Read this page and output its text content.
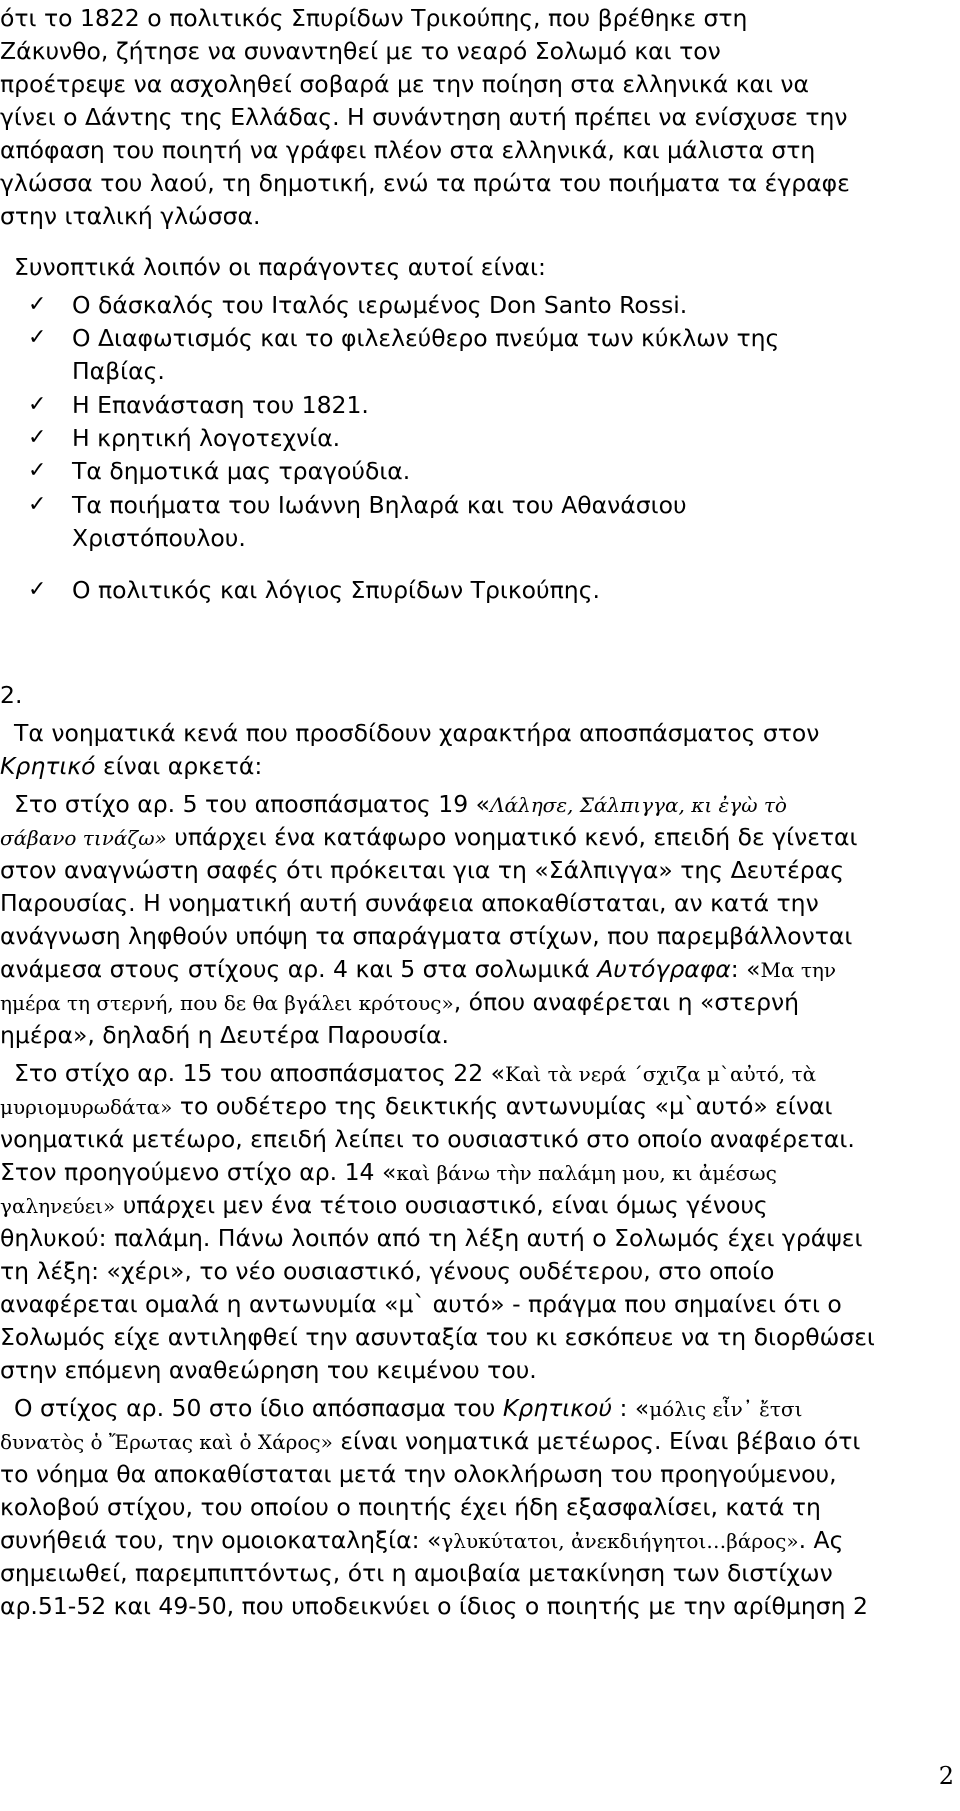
ότι το 1822 ο πολιτικός Σπυρίδων Τρικούπης, που βρέθηκε στη
Ζάκυνθο, ζήτησε να συναντηθεί με το νεαρό Σολωμό και τον
προέτρεψε να ασχοληθεί σοβαρά με την ποίηση στα ελληνικά και να
γίνει ο Δάντης της Ελλάδας. Η συνάντηση αυτή πρέπει να ενίσχυσε την
απόφαση του ποιητή να γράφει πλέον στα ελληνικά, και μάλιστα στη
γλώσσα του λαού, τη δημοτική, ενώ τα πρώτα του ποιήματα τα έγραφε
στην ιταλική γλώσσα.
Συνοπτικά λοιπόν οι παράγοντες αυτοί είναι:
✓ Ο δάσκαλός του Ιταλός ιερωμένος Don Santo Rossi.
✓ Ο Διαφωτισμός και το φιλελεύθερο πνεύμα των κύκλων της
Παβίας.
✓ Η Επανάσταση του 1821.
✓ Η κρητική λογοτεχνία.
✓ Τα δημοτικά μας τραγούδια.
✓ Τα ποιήματα του Ιωάννη Βηλαρά και του Αθανάσιου
Χριστόπουλου.
✓ Ο πολιτικός και λόγιος Σπυρίδων Τρικούπης.
2.
Τα νοηματικά κενά που προσδίδουν χαρακτήρα αποσπάσματος στον
Κρητικό είναι αρκετά:
Στο στίχο αρ. 5 του αποσπάσματος 19 «Λάλησε, Σάλπιγγα, κι ἐγὼ τὸ
σάβανο τινάζω» υπάρχει ένα κατάφωρο νοηματικό κενό, επειδή δε γίνεται
στον αναγνώστη σαφές ότι πρόκειται για τη «Σάλπιγγα» της Δευτέρας
Παρουσίας. Η νοηματική αυτή συνάφεια αποκαθίσταται, αν κατά την
ανάγνωση ληφθούν υπόψη τα σπαράγματα στίχων, που παρεμβάλλονται
ανάμεσα στους στίχους αρ. 4 και 5 στα σολωμικά Αυτόγραφα: «Μα την
ημέρα τη στερνή, που δε θα βγάλει κρότους», όπου αναφέρεται η «στερνή
ημέρα», δηλαδή η Δευτέρα Παρουσία.
Στο στίχο αρ. 15 του αποσπάσματος 22 «Καὶ τὰ νερά ΄σχιζα μ`αὐτό, τὰ
μυριομυρωδάτα» το ουδέτερο της δεικτικής αντωνυμίας «μ`αυτό» είναι
νοηματικά μετέωρο, επειδή λείπει το ουσιαστικό στο οποίο αναφέρεται.
Στον προηγούμενο στίχο αρ. 14 «καὶ βάνω τὴν παλάμη μου, κι ἀμέσως
γαληνεύει» υπάρχει μεν ένα τέτοιο ουσιαστικό, είναι όμως γένους
θηλυκού: παλάμη. Πάνω λοιπόν από τη λέξη αυτή ο Σολωμός έχει γράψει
τη λέξη: «χέρι», το νέο ουσιαστικό, γένους ουδέτερου, στο οποίο
αναφέρεται ομαλά η αντωνυμία «μ` αυτό» - πράγμα που σημαίνει ότι ο
Σολωμός είχε αντιληφθεί την ασυνταξία του κι εσκόπευε να τη διορθώσει
στην επόμενη αναθεώρηση του κειμένου του.
Ο στίχος αρ. 50 στο ίδιο απόσπασμα του Κρητικού : «μόλις εἶν᾿ ἔτσι
δυνατὸς ὁ Ἔρωτας καὶ ὁ Χάρος» είναι νοηματικά μετέωρος. Είναι βέβαιο ότι
το νόημα θα αποκαθίσταται μετά την ολοκλήρωση του προηγούμενου,
κολοβού στίχου, του οποίου ο ποιητής έχει ήδη εξασφαλίσει, κατά τη
συνήθειά του, την ομοιοκαταληξία: «γλυκύτατοι, ἀνεκδιήγητοι…βάρος». Ας
σημειωθεί, παρεμπιπτόντως, ότι η αμοιβαία μετακίνηση των διστίχων
αρ.51-52 και 49-50, που υποδεικνύει ο ίδιος ο ποιητής με την αρίθμηση 2
2
